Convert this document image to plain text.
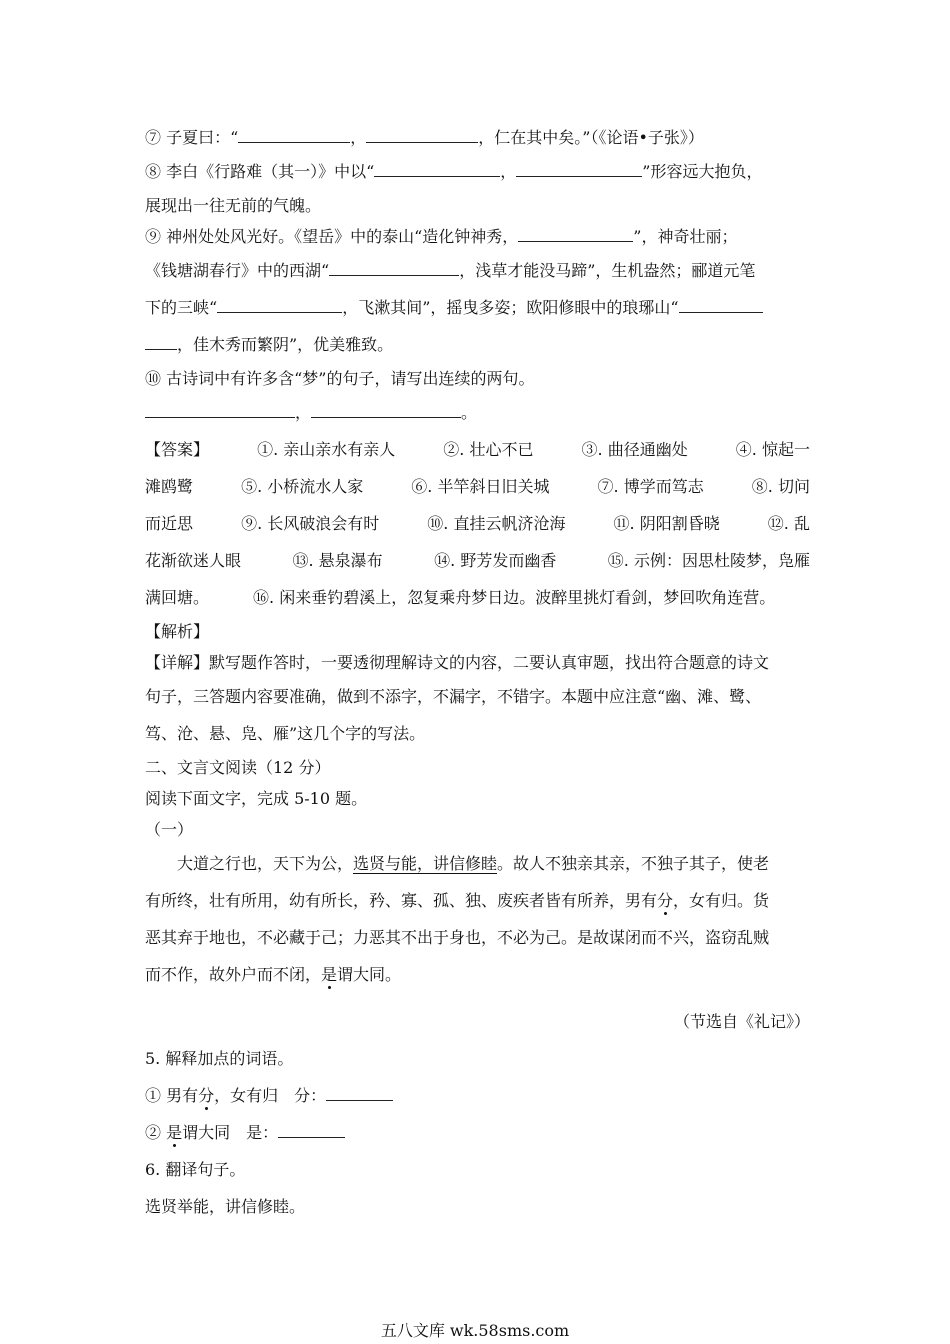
⑦ 子夏曰：“	，	，仁在其中矣。”（《论语•子张》）
⑧ 李白《行路难（其一）》中以“	，	”形容远大抱负，
展现出一往无前的气魄。
⑨ 神州处处风光好。《望岳》中的泰山“造化钟神秀，	”，神奇壮丽；
《钱塘湖春行》中的西湖“	，浅草才能没马蹄”，生机盎然；郦道元笔
下的三峡“	，飞漱其间”，摇曳多姿；欧阳修眼中的琅琊山“
，佳木秀而繁阴”，优美雅致。
⑩ 古诗词中有许多含“梦”的句子，请写出连续的两句。
，	。
【答案】	①. 亲山亲水有亲人	②. 壮心不已	③. 曲径通幽处	④. 惊起一
滩鸥鹭	⑤. 小桥流水人家	⑥. 半竿斜日旧关城	⑦. 博学而笃志	⑧. 切问
而近思	⑨. 长风破浪会有时	⑩. 直挂云帆济沧海	⑪. 阴阳割昏晓	⑫. 乱
花渐欲迷人眼	⑬. 悬泉瀑布	⑭. 野芳发而幽香	⑮. 示例：因思杜陵梦，凫雁
满回塘。	⑯. 闲来垂钓碧溪上，忽复乘舟梦日边。波醉里挑灯看剑，梦回吹角连营。
【解析】
【详解】默写题作答时，一要透彻理解诗文的内容，二要认真审题，找出符合题意的诗文
句子，三答题内容要准确，做到不添字，不漏字，不错字。本题中应注意“幽、滩、鹭、
笃、沧、悬、凫、雁”这几个字的写法。
二、文言文阅读（12 分）
阅读下面文字，完成 5-10 题。
（一）
大道之行也，天下为公，选贤与能，讲信修睦。故人不独亲其亲，不独子其子，使老
有所终，壮有所用，幼有所长，矜、寡、孤、独、废疾者皆有所养，男有分，女有归。货
恶其弃于地也，不必藏于己；力恶其不出于身也，不必为己。是故谋闭而不兴，盗窃乱贼
而不作，故外户而不闭，是谓大同。
（节选自《礼记》）
5. 解释加点的词语。
① 男有分，女有归　分：
② 是谓大同　是：
6. 翻译句子。
选贤举能，讲信修睦。
五八文库 wk.58sms.com
